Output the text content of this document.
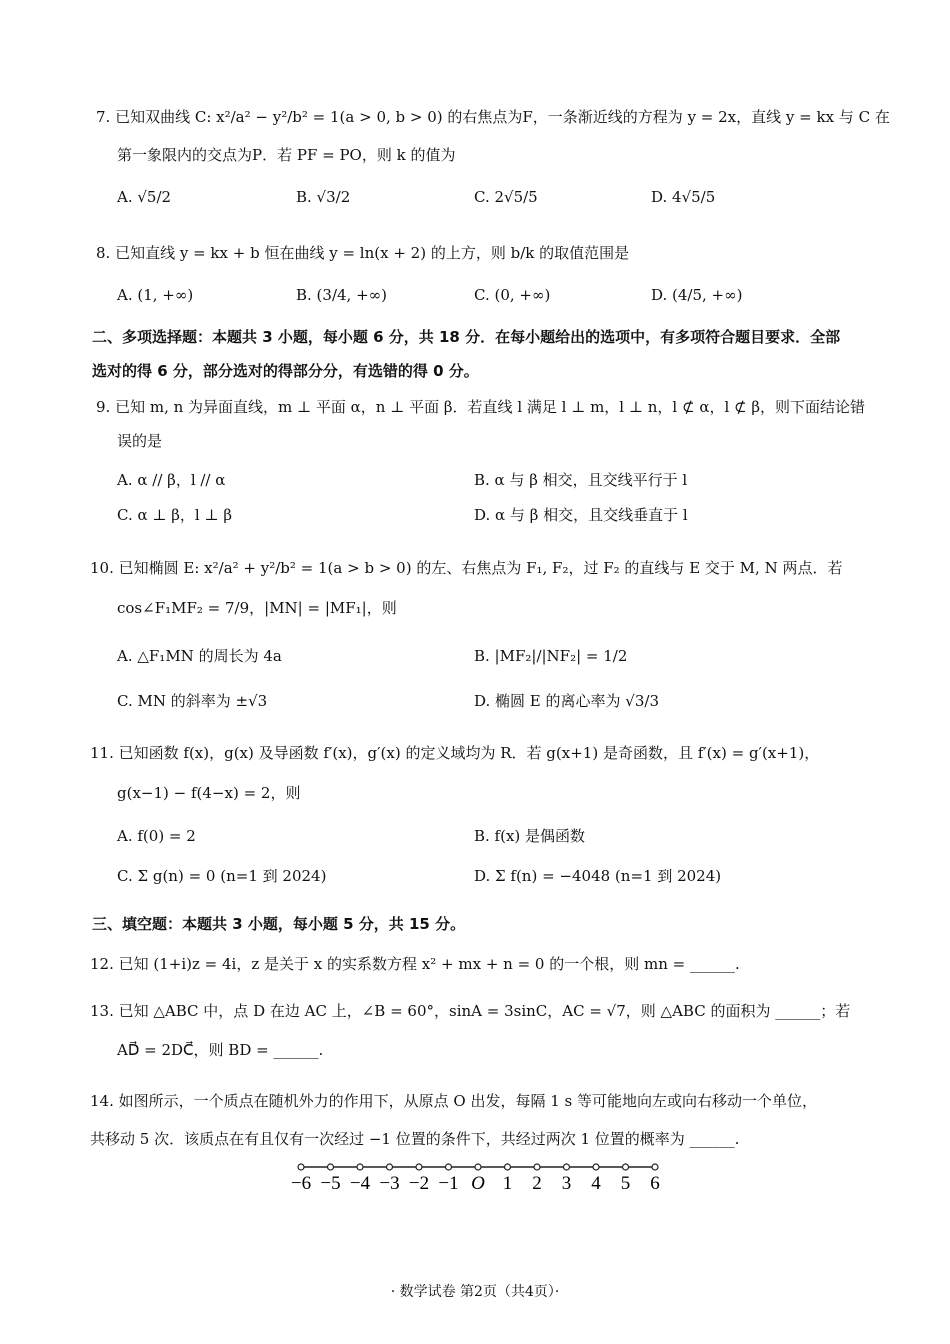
7. 已知双曲线 C: x²/a² − y²/b² = 1(a > 0, b > 0) 的右焦点为F，一条渐近线的方程为 y = 2x，直线 y = kx 与 C 在
第一象限内的交点为P．若 PF = PO，则 k 的值为
A. √5/2	B. √3/2	C. 2√5/5	D. 4√5/5
8. 已知直线 y = kx + b 恒在曲线 y = ln(x + 2) 的上方，则 b/k 的取值范围是
A. (1, +∞)	B. (3/4, +∞)	C. (0, +∞)	D. (4/5, +∞)
二、多项选择题：本题共 3 小题，每小题 6 分，共 18 分．在每小题给出的选项中，有多项符合题目要求．全部
选对的得 6 分，部分选对的得部分分，有选错的得 0 分。
9. 已知 m, n 为异面直线，m ⊥ 平面 α，n ⊥ 平面 β．若直线 l 满足 l ⊥ m，l ⊥ n，l ⊄ α，l ⊄ β，则下面结论错
误的是
A. α // β，l // α	B. α 与 β 相交，且交线平行于 l
C. α ⊥ β，l ⊥ β	D. α 与 β 相交，且交线垂直于 l
10. 已知椭圆 E: x²/a² + y²/b² = 1(a > b > 0) 的左、右焦点为 F₁, F₂，过 F₂ 的直线与 E 交于 M, N 两点．若
cos∠F₁MF₂ = 7/9，|MN| = |MF₁|，则
A. △F₁MN 的周长为 4a	B. |MF₂|/|NF₂| = 1/2
C. MN 的斜率为 ±√3	D. 椭圆 E 的离心率为 √3/3
11. 已知函数 f(x)，g(x) 及导函数 f′(x)，g′(x) 的定义域均为 R．若 g(x+1) 是奇函数，且 f′(x) = g′(x+1)，
g(x−1) − f(4−x) = 2，则
A. f(0) = 2	B. f(x) 是偶函数
C. Σ g(n) = 0 (n=1 到 2024)	D. Σ f(n) = −4048 (n=1 到 2024)
三、填空题：本题共 3 小题，每小题 5 分，共 15 分。
12. 已知 (1+i)z = 4i，z 是关于 x 的实系数方程 x² + mx + n = 0 的一个根，则 mn = ______.
13. 已知 △ABC 中，点 D 在边 AC 上，∠B = 60°，sinA = 3sinC，AC = √7，则 △ABC 的面积为 ______；若
AD⃗ = 2DC⃗，则 BD = ______.
14. 如图所示，一个质点在随机外力的作用下，从原点 O 出发，每隔 1 s 等可能地向左或向右移动一个单位，
共移动 5 次．该质点在有且仅有一次经过 −1 位置的条件下，共经过两次 1 位置的概率为 ______.
−6 −5 −4 −3 −2 −1 O 1 2 3 4 5 6
· 数学试卷 第2页（共4页）·
